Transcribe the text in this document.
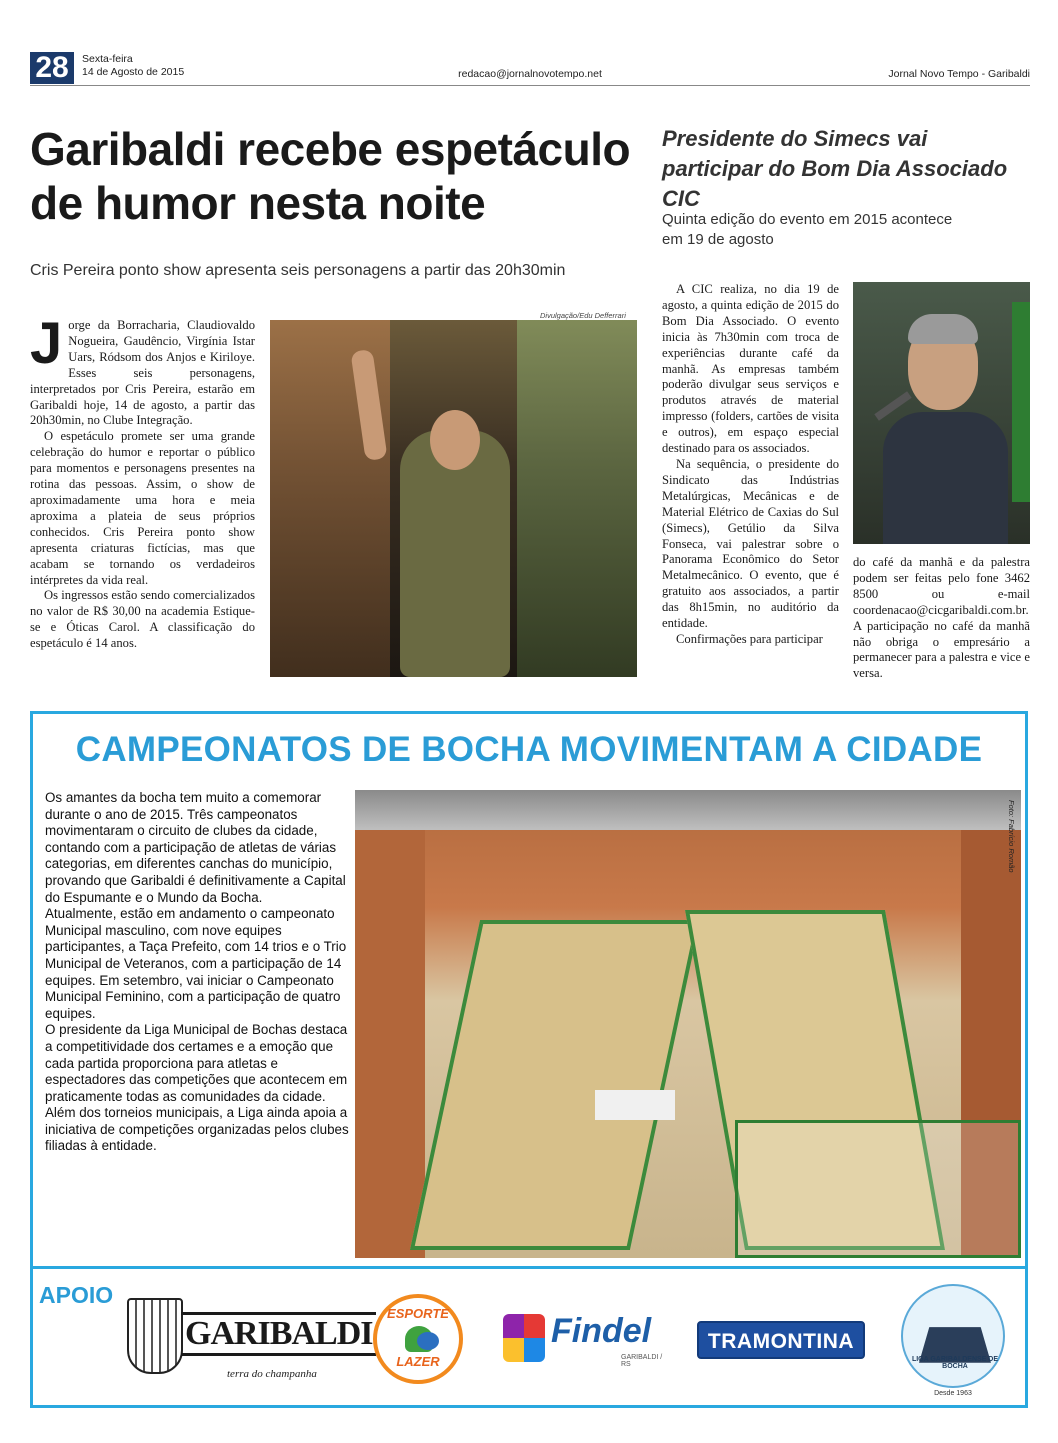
28	Sexta-feira
14 de Agosto de 2015	redacao@jornalnovotempo.net	Jornal Novo Tempo - Garibaldi
Garibaldi recebe espetáculo de humor nesta noite
Cris Pereira ponto show apresenta seis personagens a partir das 20h30min

Jorge da Borracharia, Claudiovaldo Nogueira, Gaudêncio, Virgínia Istar Uars, Ródsom dos Anjos e Kiriloye. Esses seis personagens, interpretados por Cris Pereira, estarão em Garibaldi hoje, 14 de agosto, a partir das 20h30min, no Clube Integração.

O espetáculo promete ser uma grande celebração do humor e reportar o público para momentos e personagens presentes na rotina das pessoas. Assim, o show de aproximadamente uma hora e meia aproxima a plateia de seus próprios conhecidos. Cris Pereira ponto show apresenta criaturas fictícias, mas que acabam se tornando os verdadeiros intérpretes da vida real.

Os ingressos estão sendo comercializados no valor de R$ 30,00 na academia Estique-se e Óticas Carol. A classificação do espetáculo é 14 anos.

Divulgação/Edu Defferrari
Presidente do Simecs vai participar do Bom Dia Associado CIC
Quinta edição do evento em 2015 acontece em 19 de agosto

A CIC realiza, no dia 19 de agosto, a quinta edição de 2015 do Bom Dia Associado. O evento inicia às 7h30min com troca de experiências durante café da manhã. As empresas também poderão divulgar seus serviços e produtos através de material impresso (folders, cartões de visita e outros), em espaço especial destinado para os associados.

Na sequência, o presidente do Sindicato das Indústrias Metalúrgicas, Mecânicas e de Material Elétrico de Caxias do Sul (Simecs), Getúlio da Silva Fonseca, vai palestrar sobre o Panorama Econômico do Setor Metalmecânico. O evento, que é gratuito aos associados, a partir das 8h15min, no auditório da entidade.

Confirmações para participar

do café da manhã e da palestra podem ser feitas pelo fone 3462 8500 ou e-mail coordenacao@cicgaribaldi.com.br. A participação no café da manhã não obriga o empresário a permanecer para a palestra e vice e versa.

CAMPEONATOS DE BOCHA MOVIMENTAM A CIDADE

Os amantes da bocha tem muito a comemorar durante o ano de 2015. Três campeonatos movimentaram o circuito de clubes da cidade, contando com a participação de atletas de várias categorias, em diferentes canchas do município, provando que Garibaldi é definitivamente a Capital do Espumante e o Mundo da Bocha.

Atualmente, estão em andamento o campeonato Municipal masculino, com nove equipes participantes, a Taça Prefeito, com 14 trios e o Trio Municipal de Veteranos, com a participação de 14 equipes. Em setembro, vai iniciar o Campeonato Municipal Feminino, com a participação de quatro equipes.

O presidente da Liga Municipal de Bochas destaca a competitividade dos certames e a emoção que cada partida proporciona para atletas e espectadores das competições que acontecem em praticamente todas as comunidades da cidade. Além dos torneios municipais, a Liga ainda apoia a iniciativa de competições organizadas pelos clubes filiadas à entidade.

Foto: Fabrício Romão
APOIO
GARIBALDI
terra do champanha
ESPORTE
LAZER
Findel
GARIBALDI / RS
TRAMONTINA
LIGA GARIBALDENSE DE BOCHA
Desde 1963
